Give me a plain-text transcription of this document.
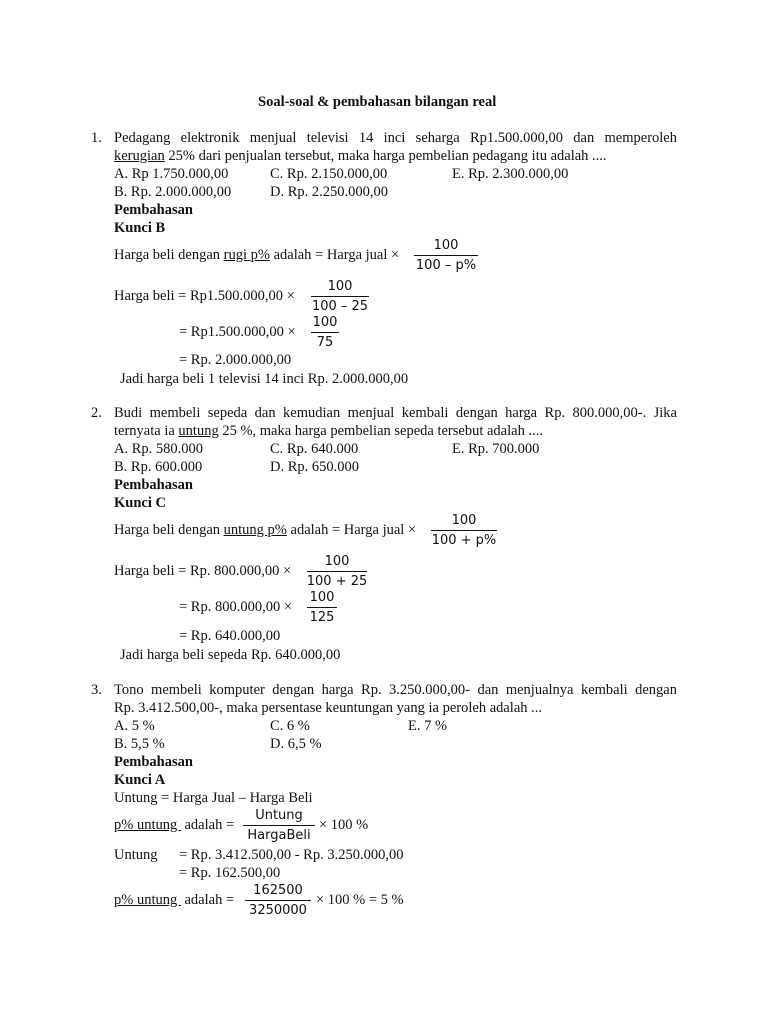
Soal-soal & pembahasan bilangan real
1. Pedagang elektronik menjual televisi 14 inci seharga Rp1.500.000,00 dan memperoleh
kerugian 25% dari penjualan tersebut, maka harga pembelian pedagang itu adalah ....
A. Rp 1.750.000,00	C. Rp. 2.150.000,00	E. Rp. 2.300.000,00
B. Rp. 2.000.000,00	D. Rp. 2.250.000,00
Pembahasan
Kunci B
Harga beli dengan rugi p% adalah = Harga jual ×
100
100 – p%
Harga beli = Rp1.500.000,00 ×
100
100 – 25
= Rp1.500.000,00 ×
100
75
= Rp. 2.000.000,00
Jadi harga beli 1 televisi 14 inci Rp. 2.000.000,00
2. Budi membeli sepeda dan kemudian menjual kembali dengan harga Rp. 800.000,00-. Jika
ternyata ia untung 25 %, maka harga pembelian sepeda tersebut adalah ....
A. Rp. 580.000	C. Rp. 640.000	E. Rp. 700.000
B. Rp. 600.000	D. Rp. 650.000
Pembahasan
Kunci C
Harga beli dengan untung p% adalah = Harga jual ×
100
100 + p%
Harga beli = Rp. 800.000,00 ×
100
100 + 25
= Rp. 800.000,00 ×
100
125
= Rp. 640.000,00
Jadi harga beli sepeda Rp. 640.000,00
3. Tono membeli komputer dengan harga Rp. 3.250.000,00- dan menjualnya kembali dengan
Rp. 3.412.500,00-, maka persentase keuntungan yang ia peroleh adalah ...
A. 5 %	C. 6 %	E. 7 %
B. 5,5 %	D. 6,5 %
Pembahasan
Kunci A
Untung = Harga Jual – Harga Beli
p% untung  adalah =
Untung
HargaBeli
× 100 %
Untung = Rp. 3.412.500,00 - Rp. 3.250.000,00
= Rp. 162.500,00
p% untung  adalah =
162500
3250000
× 100 % = 5 %
